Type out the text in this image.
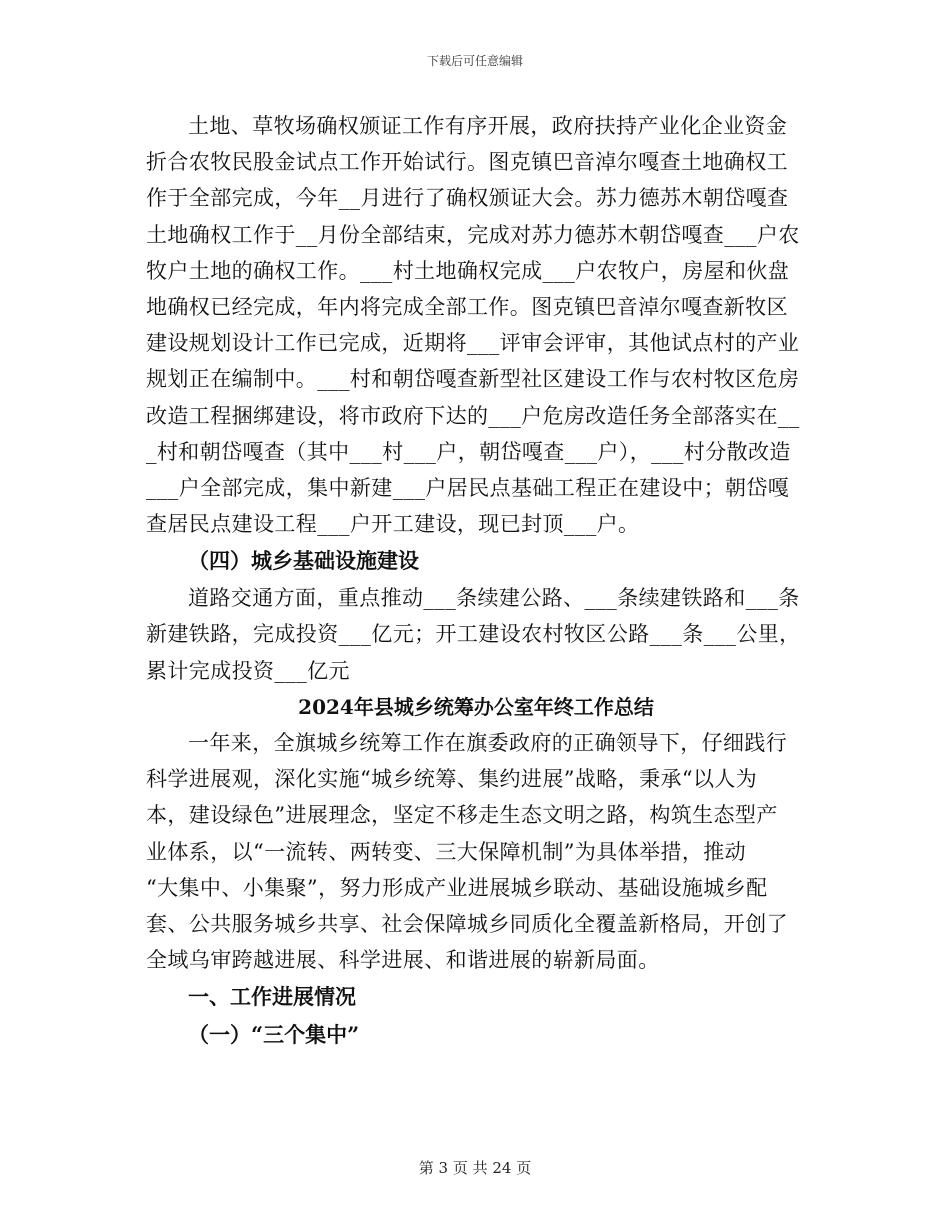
下载后可任意编辑
土地、草牧场确权颁证工作有序开展，政府扶持产业化企业资金
折合农牧民股金试点工作开始试行。图克镇巴音淖尔嘎查土地确权工
作于全部完成，今年__月进行了确权颁证大会。苏力德苏木朝岱嘎查
土地确权工作于__月份全部结束，完成对苏力德苏木朝岱嘎查___户农
牧户土地的确权工作。___村土地确权完成___户农牧户，房屋和伙盘
地确权已经完成，年内将完成全部工作。图克镇巴音淖尔嘎查新牧区
建设规划设计工作已完成，近期将___评审会评审，其他试点村的产业
规划正在编制中。___村和朝岱嘎查新型社区建设工作与农村牧区危房
改造工程捆绑建设，将市政府下达的___户危房改造任务全部落实在__
_村和朝岱嘎查（其中___村___户，朝岱嘎查___户），___村分散改造
___户全部完成，集中新建___户居民点基础工程正在建设中；朝岱嘎
查居民点建设工程___户开工建设，现已封顶___户。
（四）城乡基础设施建设
道路交通方面，重点推动___条续建公路、___条续建铁路和___条
新建铁路，完成投资___亿元；开工建设农村牧区公路___条___公里，
累计完成投资___亿元
2024年县城乡统筹办公室年终工作总结
一年来，全旗城乡统筹工作在旗委政府的正确领导下，仔细践行
科学进展观，深化实施“城乡统筹、集约进展”战略，秉承“以人为
本，建设绿色”进展理念，坚定不移走生态文明之路，构筑生态型产
业体系，以“一流转、两转变、三大保障机制”为具体举措，推动
“大集中、小集聚”，努力形成产业进展城乡联动、基础设施城乡配
套、公共服务城乡共享、社会保障城乡同质化全覆盖新格局，开创了
全域乌审跨越进展、科学进展、和谐进展的崭新局面。
一、工作进展情况
（一）“三个集中”
第 3 页 共 24 页
